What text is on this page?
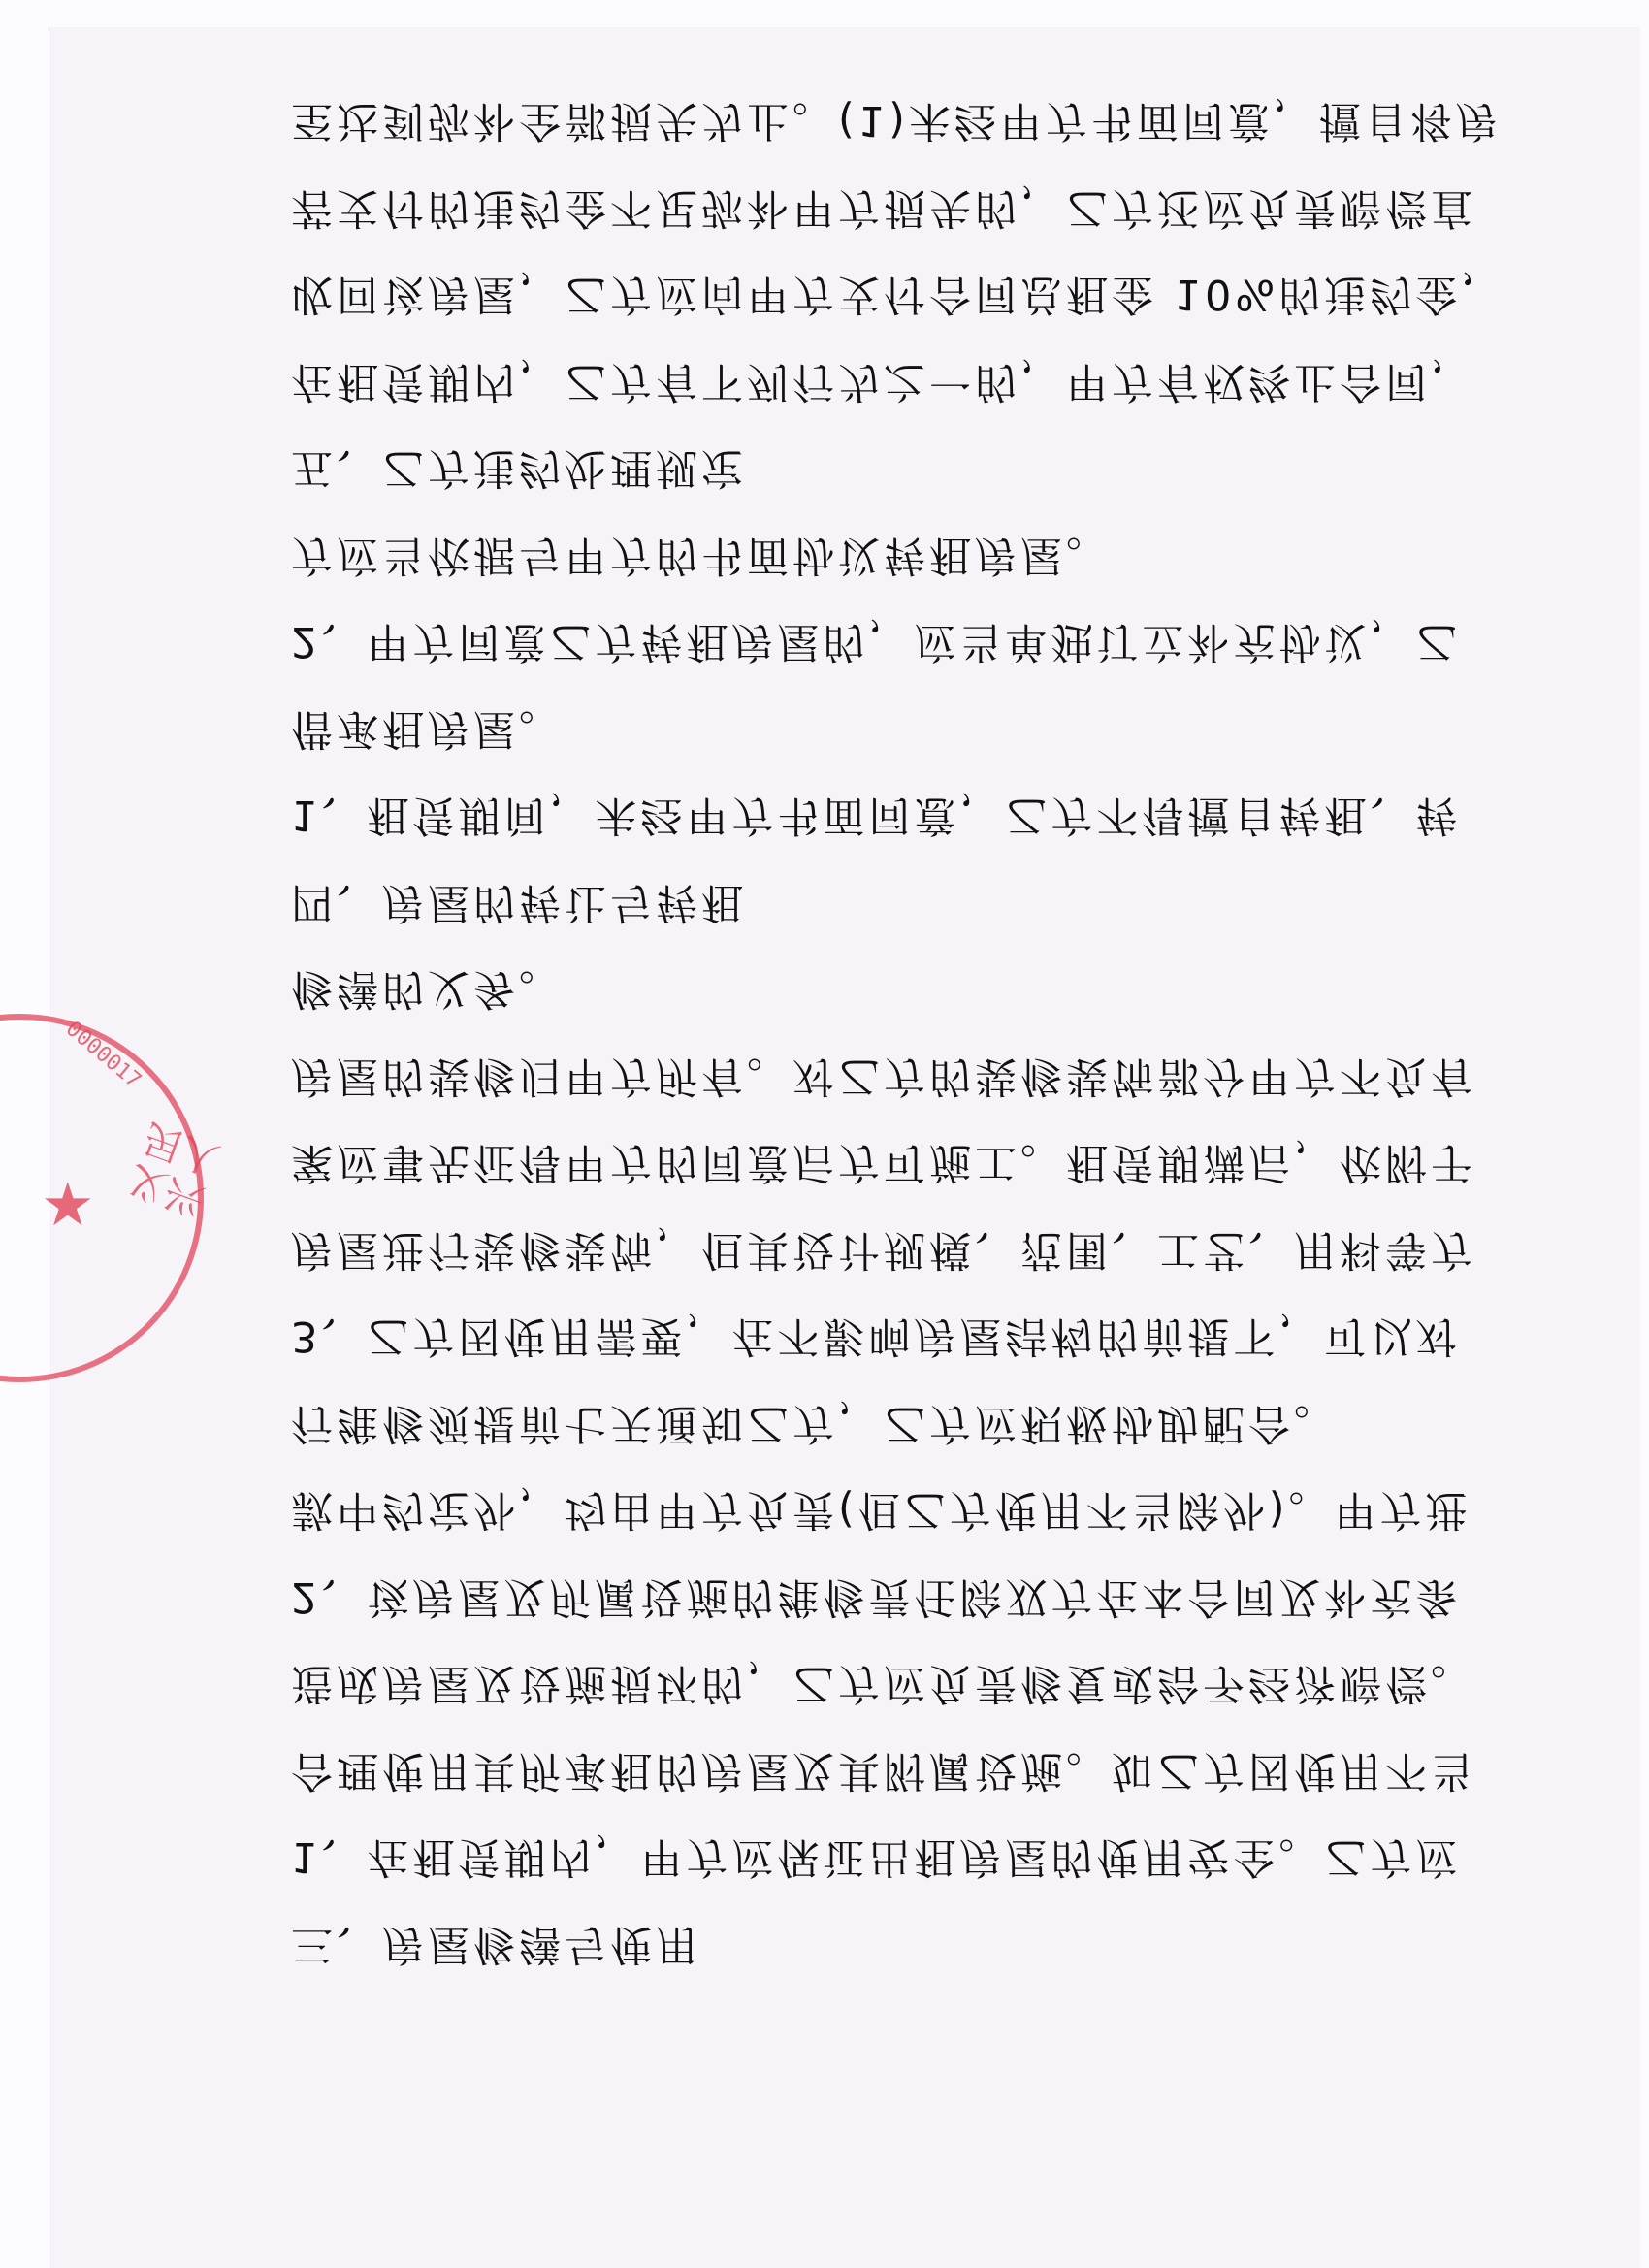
三、房屋修缮与使用
1、在租赁期内，甲方应保证出租房屋的使用安全。乙方应
合理使用其所承租的房屋及其附属设施。如乙方因使用不当
造成房屋及设施损坏的，乙方应负责修复或给予经济赔偿。
2、该房屋及所属设施的维修责任除双方在本合同及补充条
款中约定外，均由甲方负责(但乙方使用不当除外)。甲方进
行维修须提前七天通知乙方，乙方应积极协助配合。
3、乙方因使用需要，在不影响房屋结构的前提下，可以对
房屋进行装修装饰，但其设计规模、范围、工艺、用料等方
案应事先征得甲方的同意后方可施工。租赁期满后，依附于
房屋的装修归甲方所有。对乙方的装修装饰部分甲方不负有
修缮的义务。
四、房屋的转让与转租
1、租赁期间，未经甲方书面同意，乙方不得擅自转租、转
借承租房屋。
2、甲方同意乙方转租房屋的，应当单独订立补充协议，乙
方应当依据与甲方的书面协议转租房屋。
五、乙方违约处理规定
在租赁期内，乙方有下列行为之一的，甲方有权终止合同，
收回该房屋，乙方应向甲方支付合同总租金 10%的违约金，
若支付的违约金不足弥补甲方损失的，乙方还应负责赔偿直
至达到弥补全部损失为止。(1)未经甲方书面同意，擅自将房
0000017
兴义人民
★
